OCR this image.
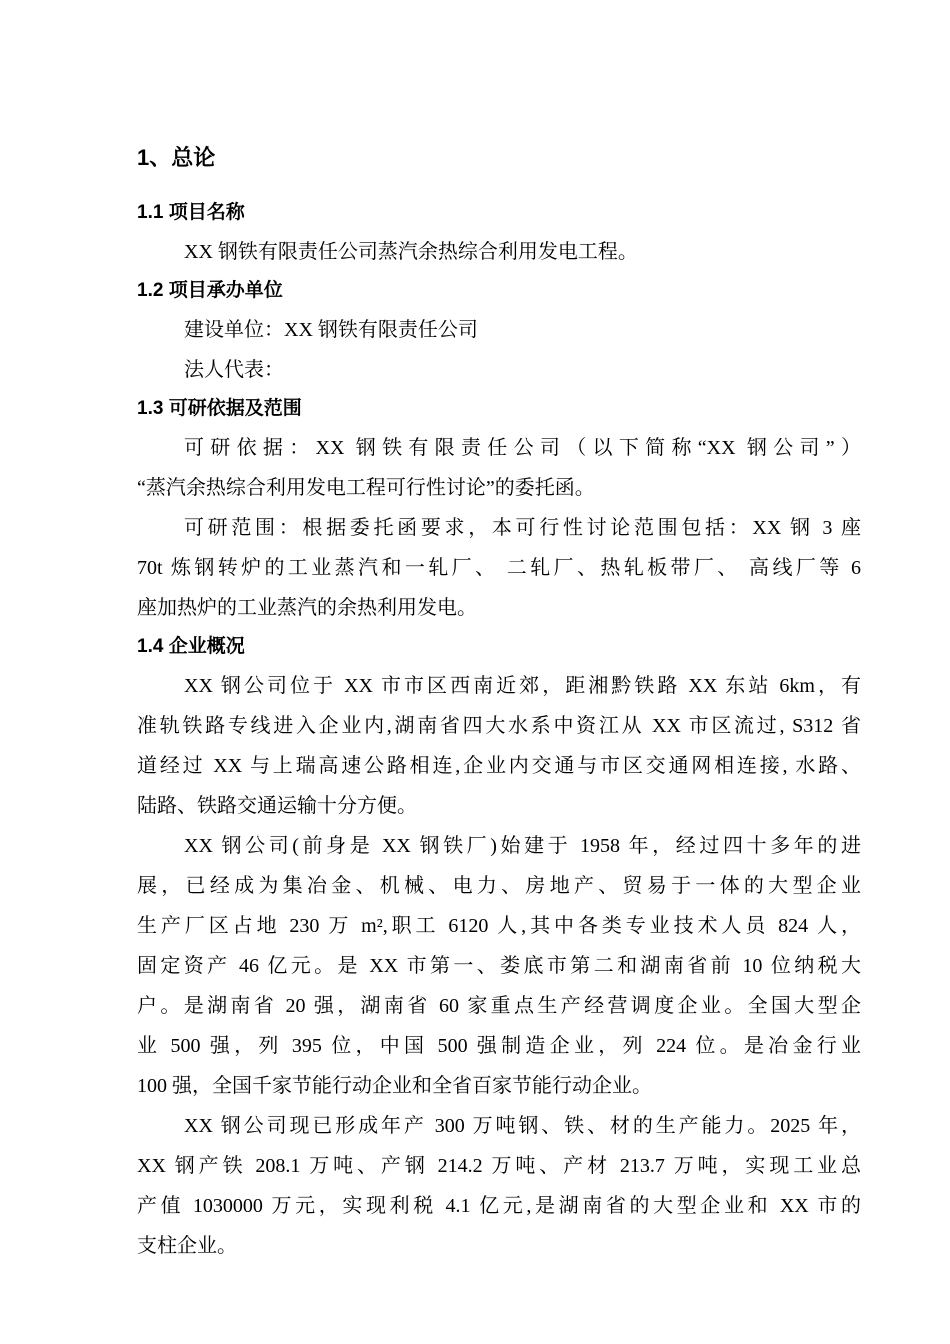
1、总论
1.1 项目名称
XX 钢铁有限责任公司蒸汽余热综合利用发电工程。
1.2 项目承办单位
建设单位：XX 钢铁有限责任公司
法人代表：
1.3 可研依据及范围
可研依据：XX 钢铁有限责任公司（以下简称“XX 钢公司”）
“蒸汽余热综合利用发电工程可行性讨论”的委托函。
可研范围：根据委托函要求，本可行性讨论范围包括：XX 钢 3 座
70t 炼钢转炉的工业蒸汽和一轧厂、 二轧厂、热轧板带厂、 高线厂等 6
座加热炉的工业蒸汽的余热利用发电。
1.4 企业概况
XX 钢公司位于 XX 市市区西南近郊，距湘黔铁路 XX 东站 6km，有
准轨铁路专线进入企业内,湖南省四大水系中资江从 XX 市区流过, S312 省
道经过 XX 与上瑞高速公路相连,企业内交通与市区交通网相连接, 水路、
陆路、铁路交通运输十分方便。
XX 钢公司(前身是 XX 钢铁厂)始建于 1958 年，经过四十多年的进
展，已经成为集冶金、机械、电力、房地产、贸易于一体的大型企业
生产厂区占地 230 万 m²,职工 6120 人,其中各类专业技术人员 824 人，
固定资产 46 亿元。是 XX 市第一、娄底市第二和湖南省前 10 位纳税大
户。是湖南省 20 强，湖南省 60 家重点生产经营调度企业。全国大型企
业 500 强，列 395 位，中国 500 强制造企业，列 224 位。是冶金行业
100 强，全国千家节能行动企业和全省百家节能行动企业。
XX 钢公司现已形成年产 300 万吨钢、铁、材的生产能力。2025 年，
XX 钢产铁 208.1 万吨、产钢 214.2 万吨、产材 213.7 万吨，实现工业总
产值 1030000 万元，实现利税 4.1 亿元,是湖南省的大型企业和 XX 市的
支柱企业。
